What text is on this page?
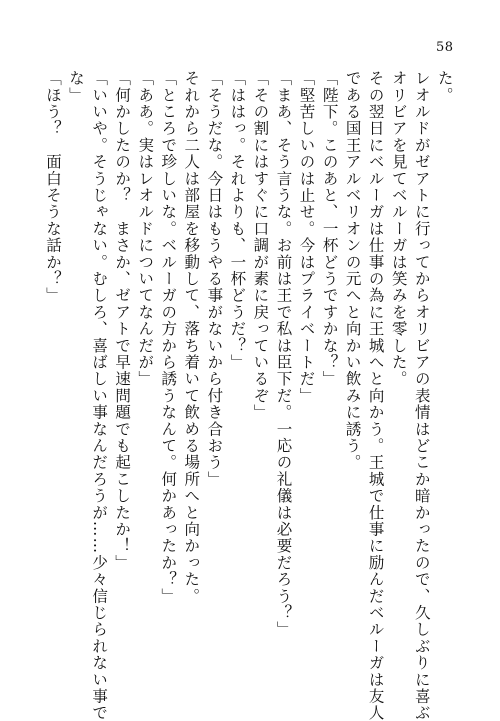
58
た。
レオルドがゼアトに行ってからオリビアの表情はどこか暗かったので、久しぶりに喜ぶ
オリビアを見てベルーガは笑みを零した。
その翌日にベルーガは仕事の為に王城へと向かう。王城で仕事に励んだベルーガは友人
である国王アルベリオンの元へと向かい飲みに誘う。
「陛下。このあと、一杯どうですかな？」
「堅苦しいのは止せ。今はプライベートだ」
「まあ、そう言うな。お前は王で私は臣下だ。一応の礼儀は必要だろう？」
「その割にはすぐに口調が素に戻っているぞ」
「ははっ。それよりも、一杯どうだ？」
「そうだな。今日はもうやる事がないから付き合おう」
それから二人は部屋を移動して、落ち着いて飲める場所へと向かった。
「ところで珍しいな。ベルーガの方から誘うなんて。何かあったか？」
「ああ。実はレオルドについてなんだが」
「何かしたのか？　まさか、ゼアトで早速問題でも起こしたか！」
「いいや。そうじゃない。むしろ、喜ばしい事なんだろうが……少々信じられない事で
な」
「ほう？　面白そうな話か？」
